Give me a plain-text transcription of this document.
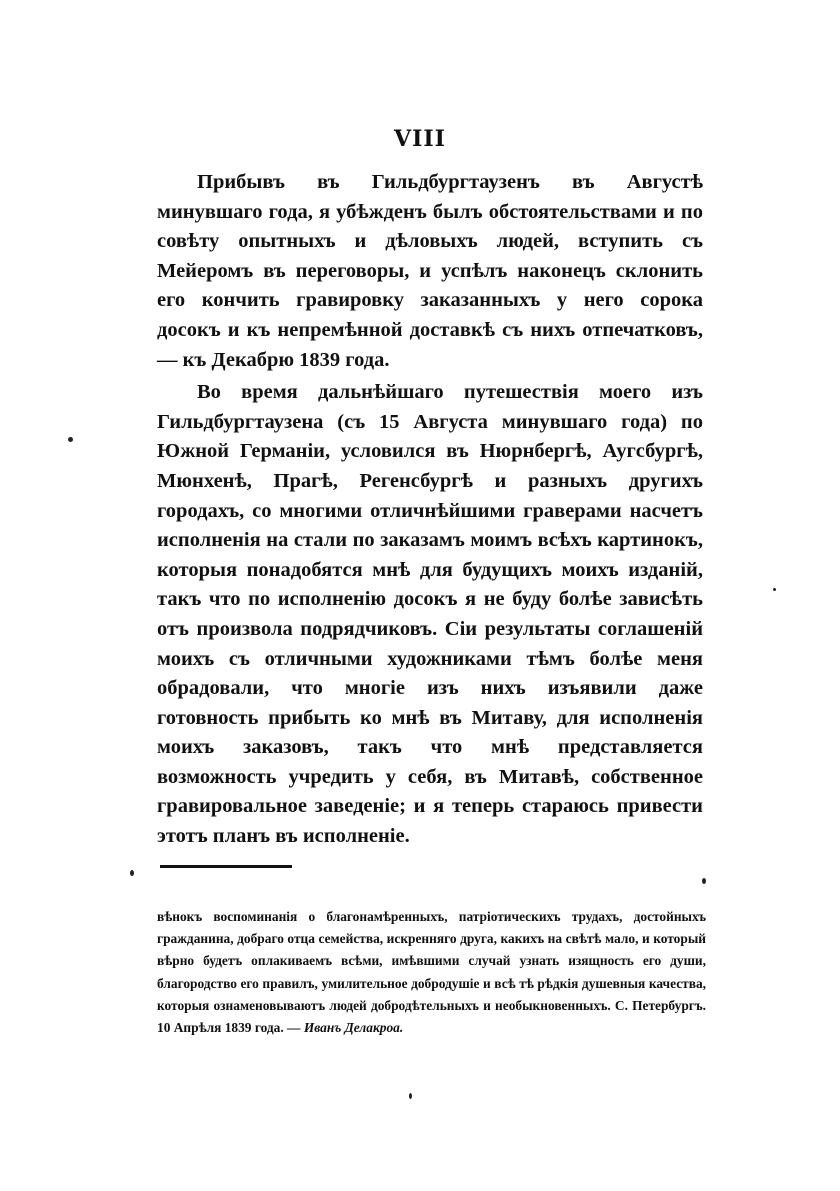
VIII

Прибывъ въ Гильдбургтаузенъ въ Августѣ минувшаго года, я убѣжденъ былъ обстоятельствами и по совѣту опытныхъ и дѣловыхъ людей, вступить съ Мейеромъ въ переговоры, и успѣлъ наконецъ склонить его кончить гравировку заказанныхъ у него сорока досокъ и къ непремѣнной доставкѣ съ нихъ отпечатковъ, — къ Декабрю 1839 года.

Во время дальнѣйшаго путешествія моего изъ Гильдбургтаузена (съ 15 Августа минувшаго года) по Южной Германіи, условился въ Нюрнбергѣ, Аугсбургѣ, Мюнхенѣ, Прагѣ, Регенсбургѣ и разныхъ другихъ городахъ, со многими отличнѣйшими граверами насчетъ исполненія на стали по заказамъ моимъ всѣхъ картинокъ, которыя понадобятся мнѣ для будущихъ моихъ изданій, такъ что по исполненію досокъ я не буду болѣе зависѣть отъ произвола подрядчиковъ. Сіи результаты соглашеній моихъ съ отличными художниками тѣмъ болѣе меня обрадовали, что многіе изъ нихъ изъявили даже готовность прибыть ко мнѣ въ Митаву, для исполненія моихъ заказовъ, такъ что мнѣ представляется возможность учредить у себя, въ Митавѣ, собственное гравировальное заведеніе; и я теперь стараюсь привести этотъ планъ въ исполненіе.

вѣнокъ воспоминанія о благонамѣренныхъ, патріотическихъ трудахъ, достойныхъ гражданина, добраго отца семейства, искренняго друга, какихъ на свѣтѣ мало, и который вѣрно будетъ оплакиваемъ всѣми, имѣвшими случай узнать изящность его души, благородство его правилъ, умилительное добродушіе и всѣ тѣ рѣдкія душевныя качества, которыя ознаменовываютъ людей добродѣтельныхъ и необыкновенныхъ. С. Петербургъ. 10 Апрѣля 1839 года. — Иванъ Делакроа.
